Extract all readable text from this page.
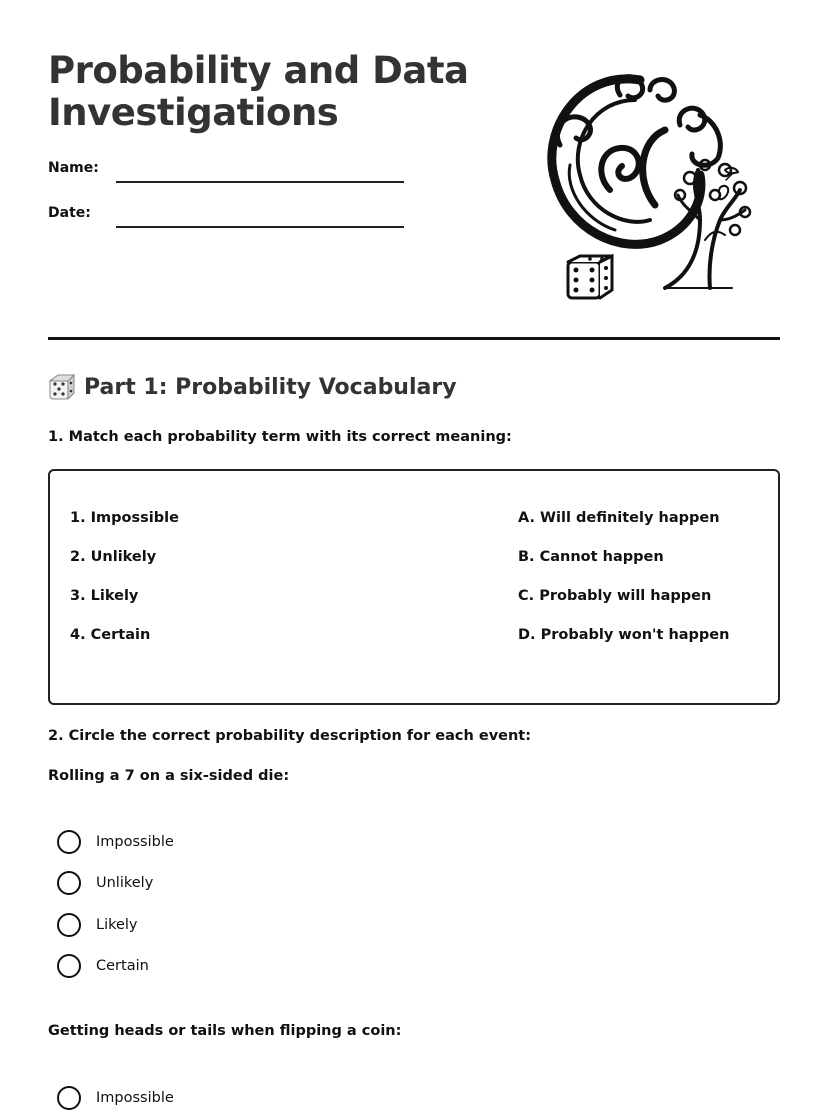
Probability and Data
Investigations
Name:
Date:
Part 1: Probability Vocabulary
1. Match each probability term with its correct meaning:
1. Impossible
2. Unlikely
3. Likely
4. Certain
A. Will definitely happen
B. Cannot happen
C. Probably will happen
D. Probably won't happen
2. Circle the correct probability description for each event:
Rolling a 7 on a six-sided die:
Impossible
Unlikely
Likely
Certain
Getting heads or tails when flipping a coin:
Impossible
